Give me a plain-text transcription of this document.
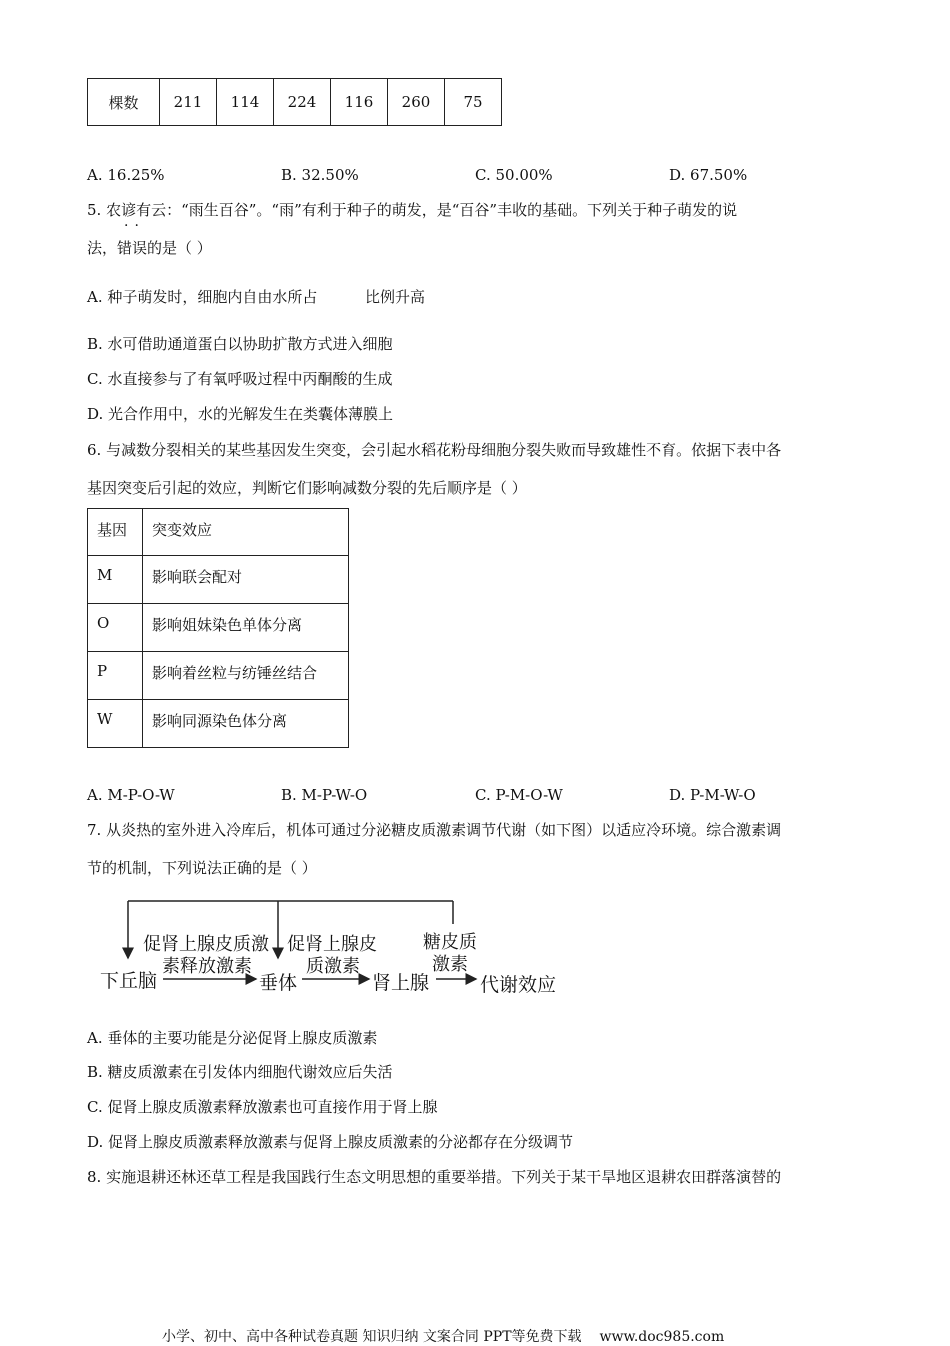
棵数	211	114	224	116	260	75
A. 16.25%	B. 32.50%	C. 50.00%	D. 67.50%
5. 农谚有云：“雨生百谷”。“雨”有利于种子的萌发，是“百谷”丰收的基础。下列关于种子萌发的说
··
法，错误的是（ ）
A. 种子萌发时，细胞内自由水所占          比例升高
B. 水可借助通道蛋白以协助扩散方式进入细胞
C. 水直接参与了有氧呼吸过程中丙酮酸的生成
D. 光合作用中，水的光解发生在类囊体薄膜上
6. 与减数分裂相关的某些基因发生突变，会引起水稻花粉母细胞分裂失败而导致雄性不育。依据下表中各
基因突变后引起的效应，判断它们影响减数分裂的先后顺序是（ ）
基因	突变效应
M	影响联会配对
O	影响姐妹染色单体分离
P	影响着丝粒与纺锤丝结合
W	影响同源染色体分离
A. M-P-O-W	B. M-P-W-O	C. P-M-O-W	D. P-M-W-O
7. 从炎热的室外进入冷库后，机体可通过分泌糖皮质激素调节代谢（如下图）以适应冷环境。综合激素调
节的机制，下列说法正确的是（ ）
促肾上腺皮质激
素释放激素
促肾上腺皮
质激素
糖皮质
激素
下丘脑	垂体	肾上腺	代谢效应
A. 垂体的主要功能是分泌促肾上腺皮质激素
B. 糖皮质激素在引发体内细胞代谢效应后失活
C. 促肾上腺皮质激素释放激素也可直接作用于肾上腺
D. 促肾上腺皮质激素释放激素与促肾上腺皮质激素的分泌都存在分级调节
8. 实施退耕还林还草工程是我国践行生态文明思想的重要举措。下列关于某干旱地区退耕农田群落演替的
小学、初中、高中各种试卷真题 知识归纳 文案合同 PPT等免费下载 www.doc985.com
